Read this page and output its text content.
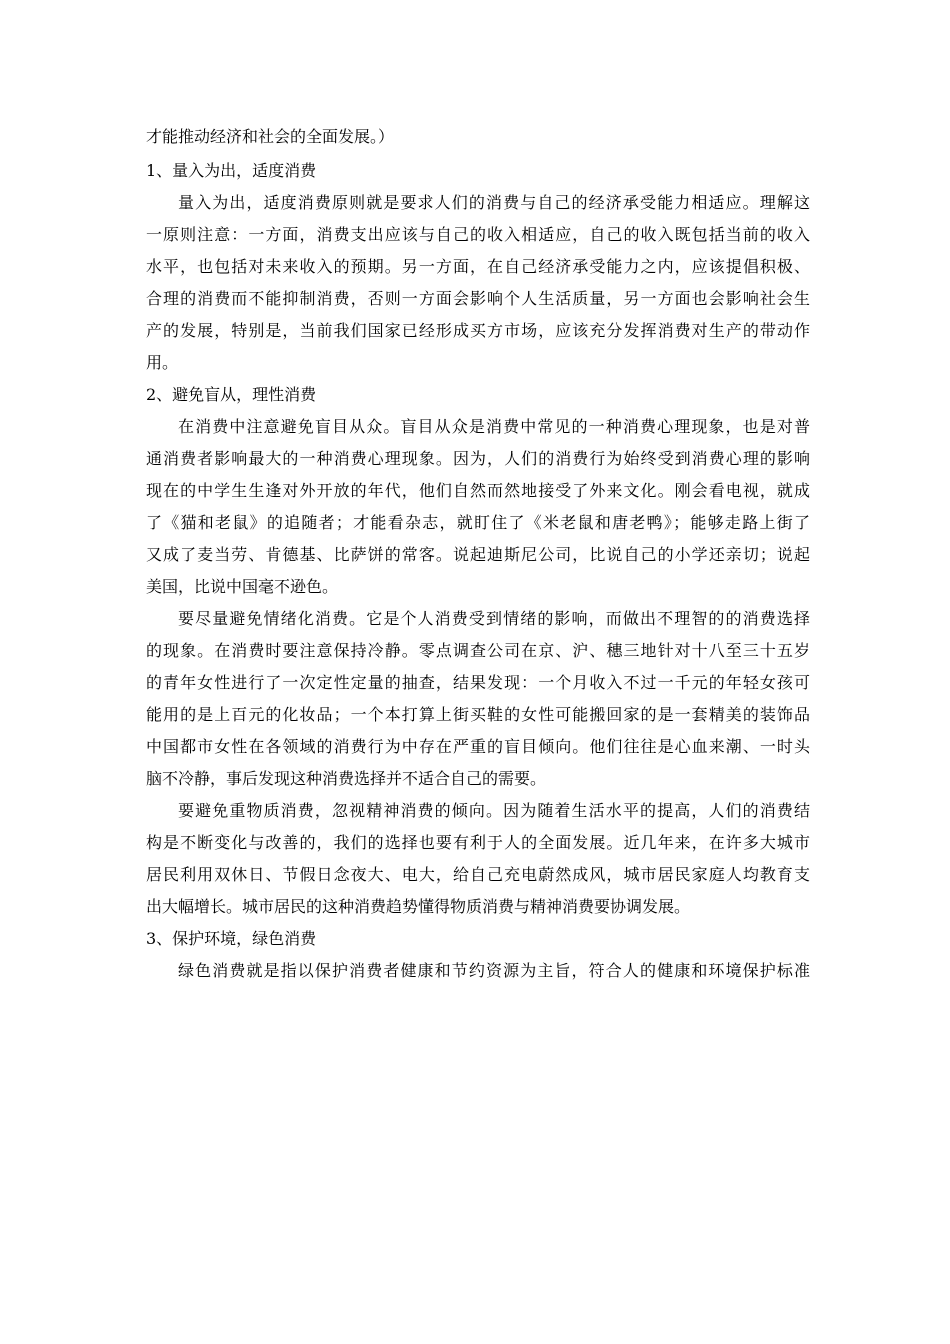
才能推动经济和社会的全面发展。）
1、量入为出，适度消费
量入为出，适度消费原则就是要求人们的消费与自己的经济承受能力相适应。理解这
一原则注意：一方面，消费支出应该与自己的收入相适应，自己的收入既包括当前的收入
水平，也包括对未来收入的预期。另一方面，在自己经济承受能力之内，应该提倡积极、
合理的消费而不能抑制消费，否则一方面会影响个人生活质量，另一方面也会影响社会生
产的发展，特别是，当前我们国家已经形成买方市场，应该充分发挥消费对生产的带动作
用。
2、避免盲从，理性消费
在消费中注意避免盲目从众。盲目从众是消费中常见的一种消费心理现象，也是对普
通消费者影响最大的一种消费心理现象。因为，人们的消费行为始终受到消费心理的影响
现在的中学生生逢对外开放的年代，他们自然而然地接受了外来文化。刚会看电视，就成
了《猫和老鼠》的追随者；才能看杂志，就盯住了《米老鼠和唐老鸭》；能够走路上街了
又成了麦当劳、肯德基、比萨饼的常客。说起迪斯尼公司，比说自己的小学还亲切；说起
美国，比说中国毫不逊色。
要尽量避免情绪化消费。它是个人消费受到情绪的影响，而做出不理智的的消费选择
的现象。在消费时要注意保持冷静。零点调查公司在京、沪、穗三地针对十八至三十五岁
的青年女性进行了一次定性定量的抽查，结果发现：一个月收入不过一千元的年轻女孩可
能用的是上百元的化妆品；一个本打算上街买鞋的女性可能搬回家的是一套精美的装饰品
中国都市女性在各领域的消费行为中存在严重的盲目倾向。他们往往是心血来潮、一时头
脑不冷静，事后发现这种消费选择并不适合自己的需要。
要避免重物质消费，忽视精神消费的倾向。因为随着生活水平的提高，人们的消费结
构是不断变化与改善的，我们的选择也要有利于人的全面发展。近几年来，在许多大城市
居民利用双休日、节假日念夜大、电大，给自己充电蔚然成风，城市居民家庭人均教育支
出大幅增长。城市居民的这种消费趋势懂得物质消费与精神消费要协调发展。
3、保护环境，绿色消费
绿色消费就是指以保护消费者健康和节约资源为主旨，符合人的健康和环境保护标准
